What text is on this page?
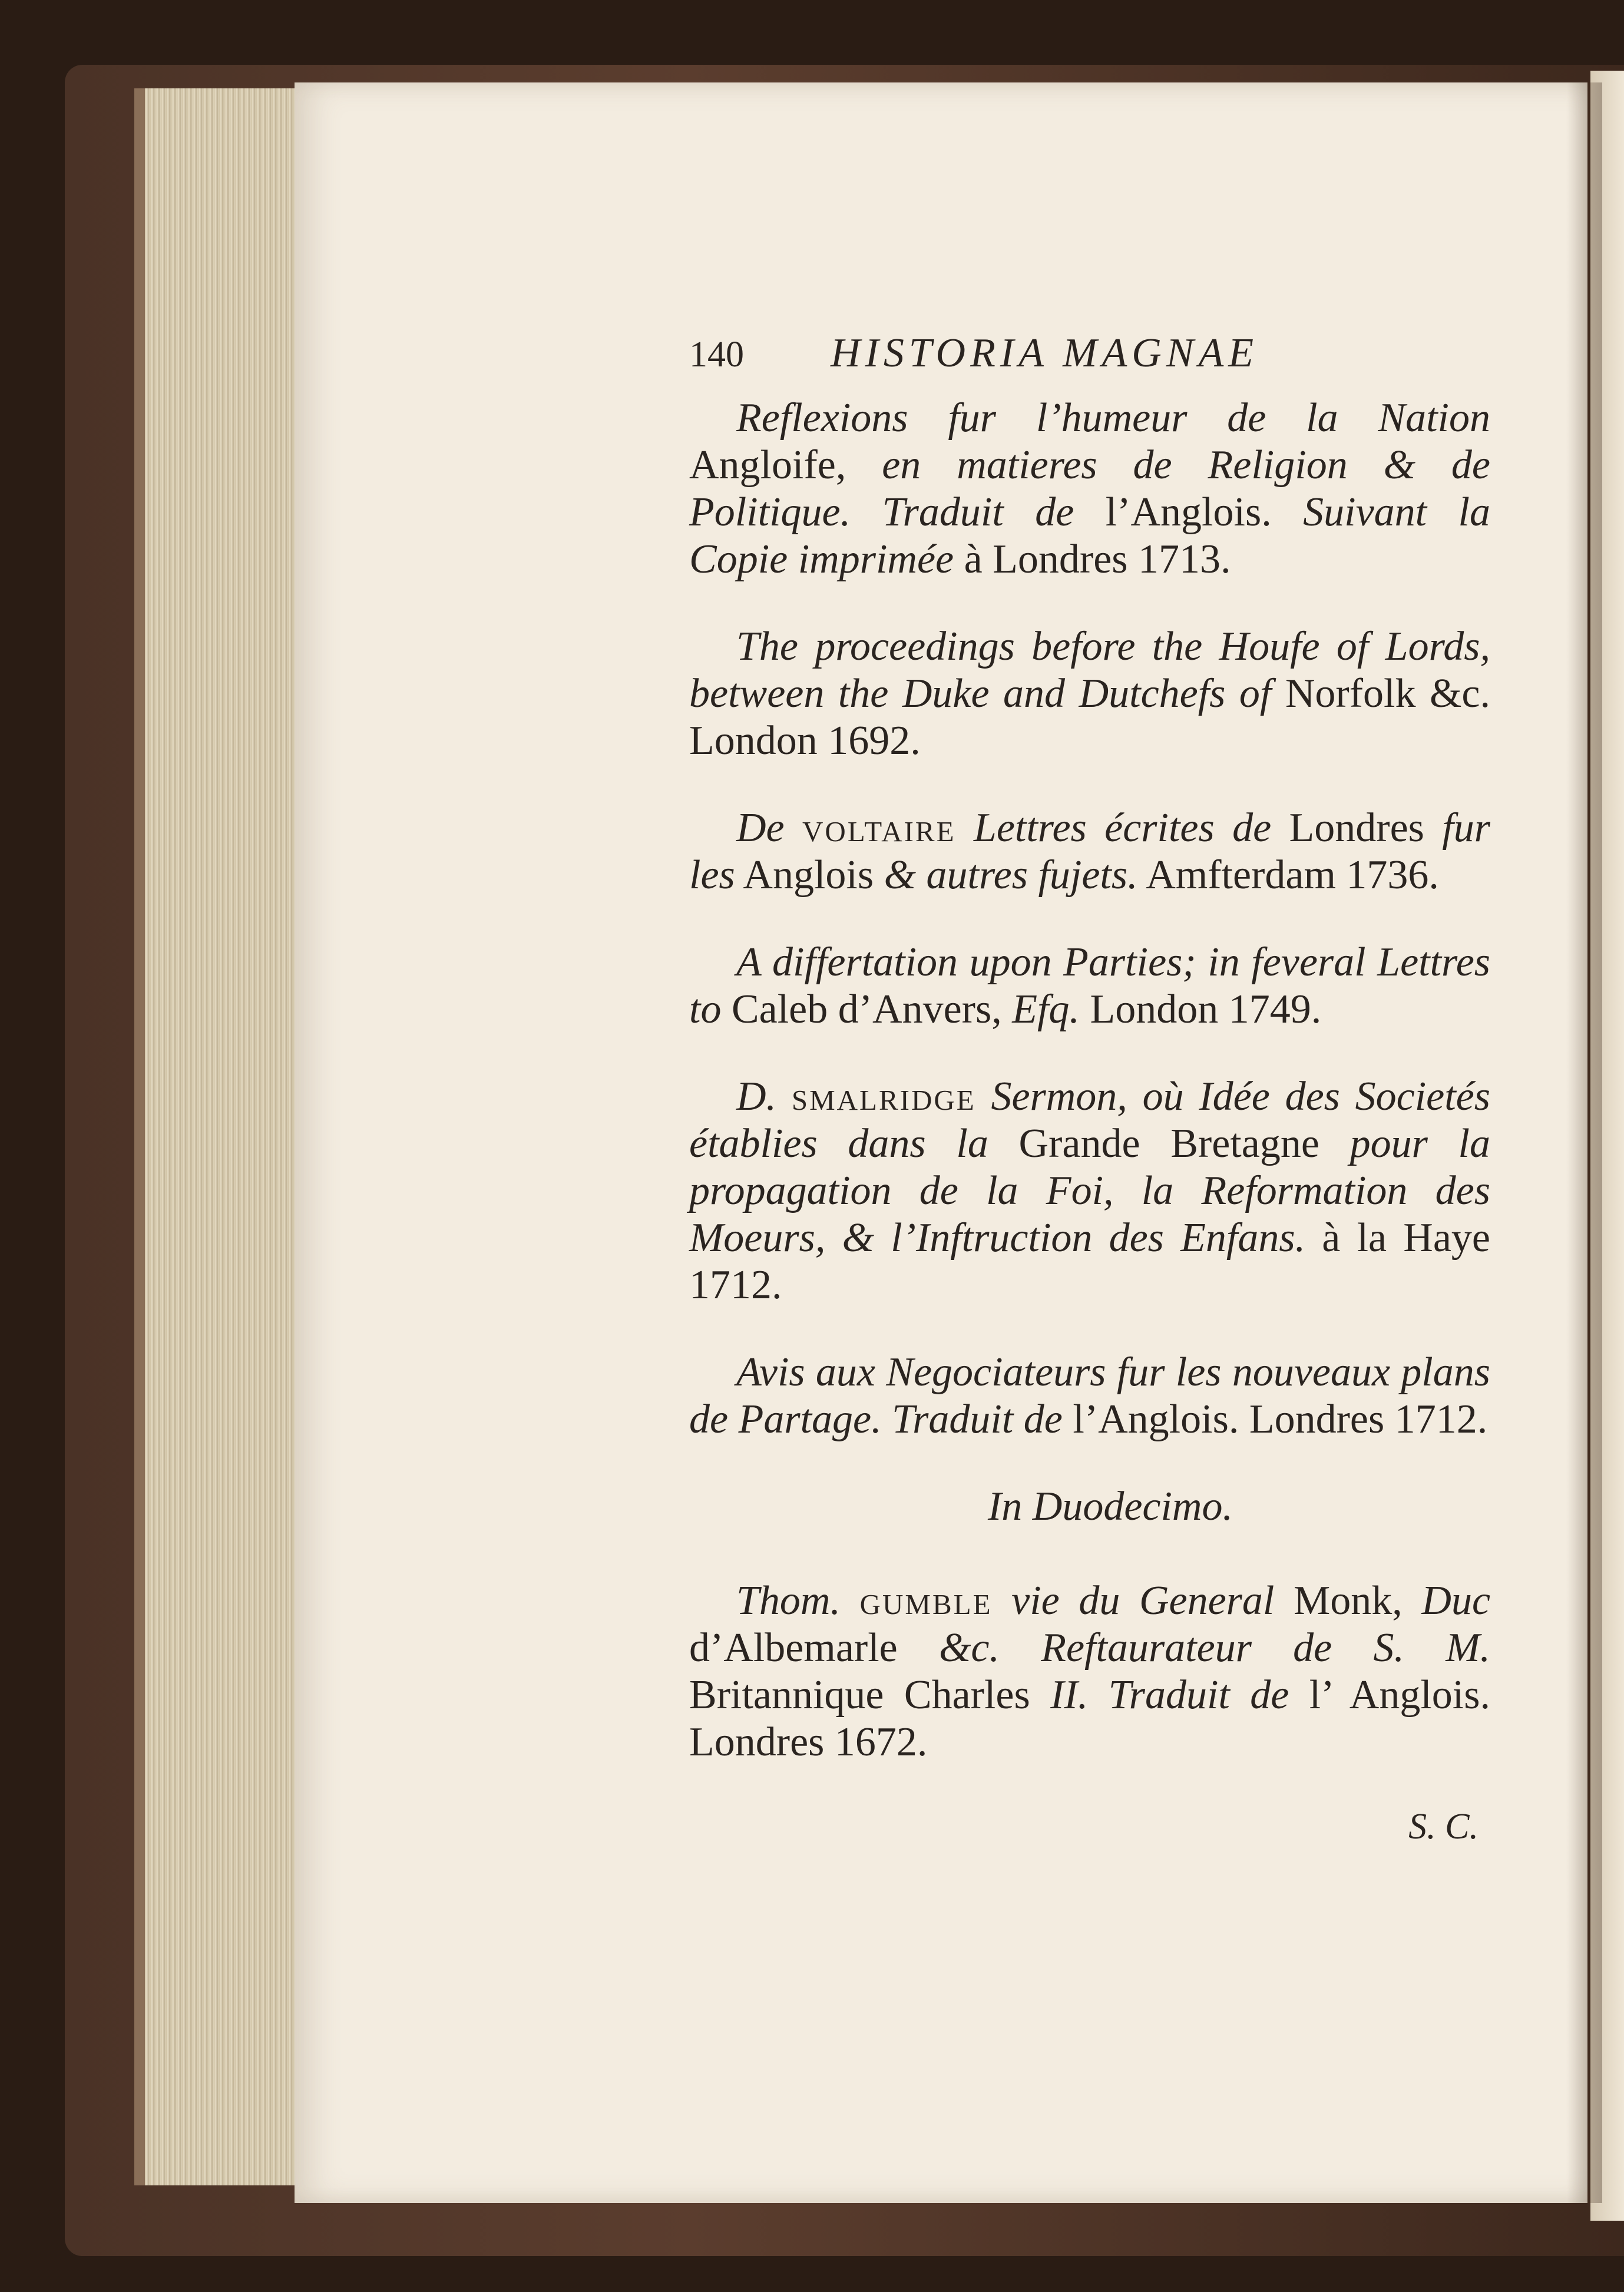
140	HISTORIA MAGNAE

Reflexions fur l’humeur de la Nation Angloife, en matieres de Religion & de Politique. Traduit de l’Anglois. Suivant la Copie imprimée à Londres 1713.

The proceedings before the Houfe of Lords, between the Duke and Dutchefs of Norfolk &c. London 1692.

De voltaire Lettres écrites de Londres fur les Anglois & autres fujets. Amfterdam 1736.

A differtation upon Parties; in feveral Lettres to Caleb d’Anvers, Efq. London 1749.

D. smalridge Sermon, où Idée des Societés établies dans la Grande Bretagne pour la propagation de la Foi, la Reformation des Moeurs, & l’Inftruction des Enfans. à la Haye 1712.

Avis aux Negociateurs fur les nouveaux plans de Partage. Traduit de l’Anglois. Londres 1712.

In Duodecimo.

Thom. gumble vie du General Monk, Duc d’Albemarle &c. Reftaurateur de S. M. Britannique Charles II. Traduit de l’ Anglois. Londres 1672.

S. C.
